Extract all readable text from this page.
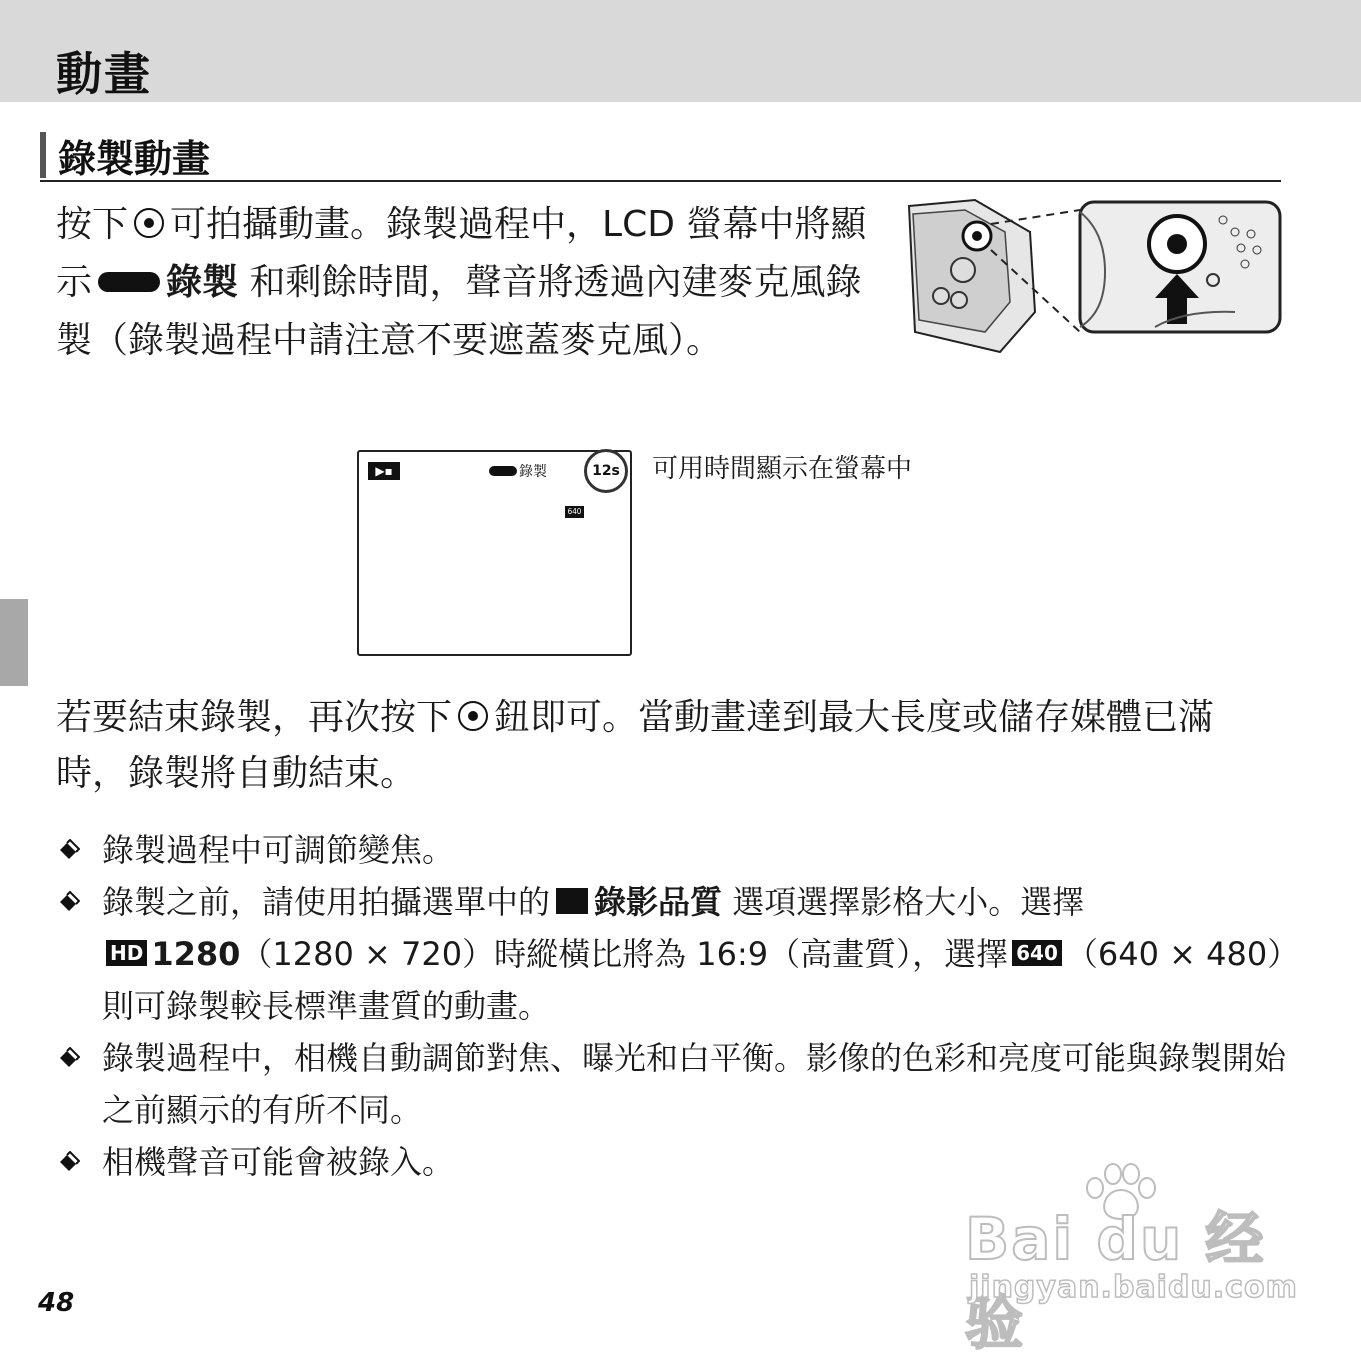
動畫
錄製動畫
按下 可拍攝動畫。錄製過程中，LCD 螢幕中將顯示 錄製 和剩餘時間，聲音將透過內建麥克風錄製（錄製過程中請注意不要遮蓋麥克風）。
▶▪	錄製	12s
640
可用時間顯示在螢幕中
若要結束錄製，再次按下 鈕即可。當動畫達到最大長度或儲存媒體已滿時，錄製將自動結束。
錄製過程中可調節變焦。
錄製之前，請使用拍攝選單中的 錄影品質 選項選擇影格大小。選擇
HD 1280（1280 × 720）時縱橫比將為 16:9（高畫質），選擇 640 （640 × 480）則可錄製較長標準畫質的動畫。
錄製過程中，相機自動調節對焦、曝光和白平衡。影像的色彩和亮度可能與錄製開始之前顯示的有所不同。
相機聲音可能會被錄入。
48
Bai du 经验
jingyan.baidu.com
